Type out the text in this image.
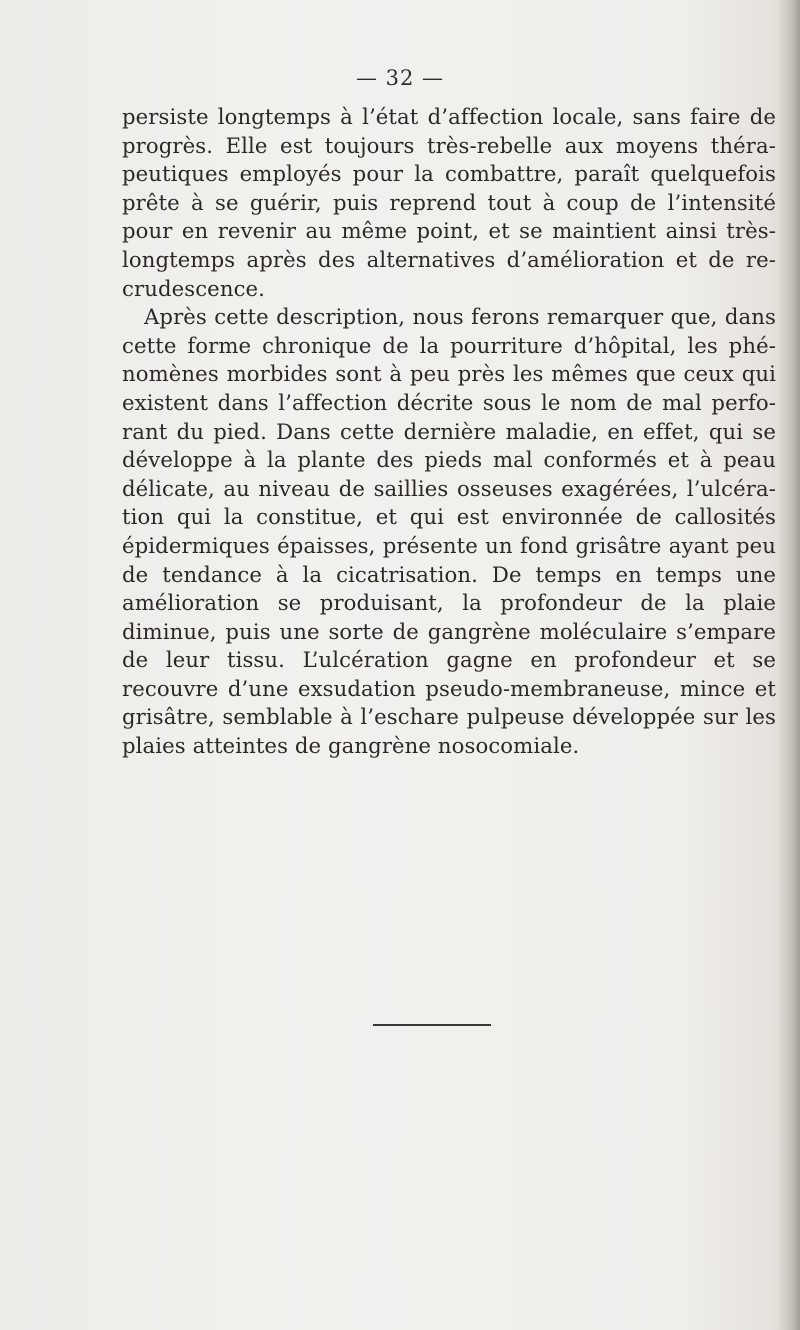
— 32 —

persiste longtemps à l’état d’affection locale, sans faire de progrès. Elle est toujours très-rebelle aux moyens théra- peutiques employés pour la combattre, paraît quelquefois prête à se guérir, puis reprend tout à coup de l’intensité pour en revenir au même point, et se maintient ainsi très- longtemps après des alternatives d’amélioration et de re- crudescence.

Après cette description, nous ferons remarquer que, dans cette forme chronique de la pourriture d’hôpital, les phé- nomènes morbides sont à peu près les mêmes que ceux qui existent dans l’affection décrite sous le nom de mal perfo- rant du pied. Dans cette dernière maladie, en effet, qui se développe à la plante des pieds mal conformés et à peau délicate, au niveau de saillies osseuses exagérées, l’ulcéra- tion qui la constitue, et qui est environnée de callosités épidermiques épaisses, présente un fond grisâtre ayant peu de tendance à la cicatrisation. De temps en temps une amélioration se produisant, la profondeur de la plaie diminue, puis une sorte de gangrène moléculaire s’empare de leur tissu. L’ulcération gagne en profondeur et se recouvre d’une exsudation pseudo-membraneuse, mince et grisâtre, semblable à l’eschare pulpeuse développée sur les plaies atteintes de gangrène nosocomiale.
